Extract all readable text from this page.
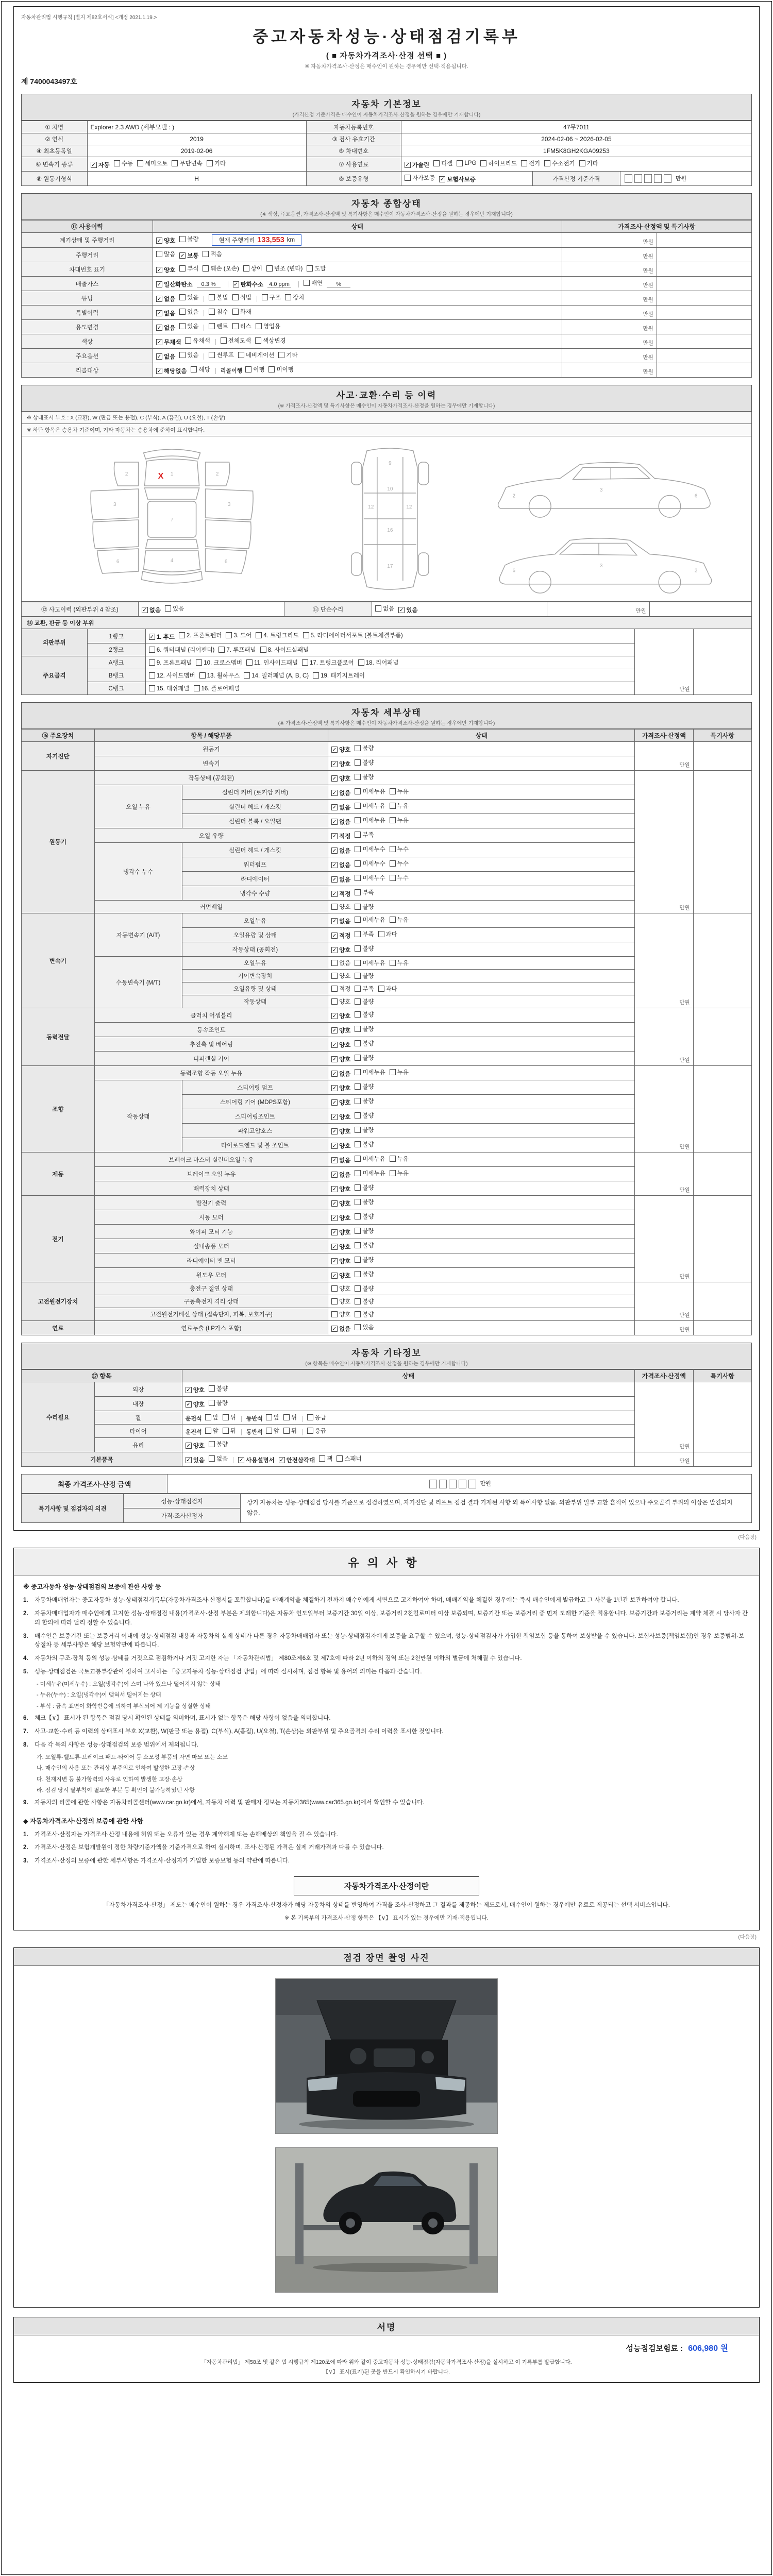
자동차관리법 시행규칙 [별지 제82호서식] <개정 2021.1.19.>
중고자동차성능·상태점검기록부
( ■ 자동차가격조사·산정 선택 ■ )
※ 자동차가격조사·산정은 매수인이 원하는 경우에만 선택·적용됩니다.
제 7400043497호
자동차 기본정보
(가격산정 기준가격은 매수인이 자동차가격조사·산정을 원하는 경우에만 기재합니다)
① 차명	Explorer 2.3 AWD (세부모델 : )	자동차등록번호	47무7011		
② 연식	2019	③ 검사 유효기간	2024-02-06 ~ 2026-02-05		
④ 최초등록일	2019-02-06	⑤ 차대번호	1FM5K8GH2KGA09253		
⑥ 변속기 종류	✓ 자동 수동 세미오토 무단변속 기타	⑦ 사용연료	✓ 가솔린 디젤 LPG 하이브리드 전기 수소전기 기타

⑧ 원동기형식	H	⑨ 보증유형	자가보증 ✓ 보험사보증	가격산정 기준가격	만원
자동차 종합상태
(※ 색상, 주요옵션, 가격조사·산정액 및 특기사항은 매수인이 자동차가격조사·산정을 원하는 경우에만 기재합니다)
⑪ 사용이력	상태	가격조사·산정액 및 특기사항	
계기상태 및 주행거리	✓ 양호 불량	현재 주행거리 133,553 km	만원	
주행거리	많음 ✓ 보통 적음	만원	
차대번호 표기	✓ 양호 부식 훼손 (오손) 상이 변조 (변타) 도말	만원	
배출가스	✓ 일산화탄소 0.3 %	✓ 탄화수소 4.0 ppm	매연 %	만원	
튜닝	✓ 없음 있음	불법 적법	구조 장치	만원	
특별이력	✓ 없음 있음 침수 화재	만원	
용도변경	✓ 없음 있음	렌트 리스 영업용	만원	
색상	✓ 무채색 유채색 전체도색 색상변경	만원	
주요옵션	✓ 없음 있음	썬루프 네비게이션 기타	만원	
리콜대상	✓ 해당없음 해당 리콜이행 이행 미이행	만원	
사고·교환·수리 등 이력
(※ 가격조사·산정액 및 특기사항은 매수인이 자동차가격조사·산정을 원하는 경우에만 기재합니다)
※ 상태표시 부호 : X (교환), W (판금 또는 용접), C (부식), A (흠집), U (요철), T (손상)
※ 하단 항목은 승용차 기준이며, 기타 자동차는 승용차에 준하여 표시합니다.
1
2	2
3	3
4
7
6	6
X
9
10
12	12
16
17
2
3
6
6
3
2
⑫ 사고이력 (외판부위 4 참조)	✓ 없음 있음	⑬ 단순수리	없음 ✓ 있음	만원	
⑭ 교환, 판금 등 이상 부위				
외판부위	1랭크	✓ 1. 후드 2. 프론트펜더 3. 도어 4. 트렁크리드 5. 라디에이터서포트 (볼트체결부품)
	만원	
	2랭크	6. 쿼터패널 (리어펜더) 7. 루프패널 8. 사이드실패널		

주요골격	A랭크	9. 프론트패널 10. 크로스멤버 11. 인사이드패널 17. 트렁크플로어 18. 리어패널		

	B랭크	12. 사이드멤버 13. 휠하우스 14. 필러패널 (A, B, C) 19. 패키지트레이		

	C랭크	15. 대쉬패널 16. 플로어패널		
자동차 세부상태
(※ 가격조사·산정액 및 특기사항은 매수인이 자동차가격조사·산정을 원하는 경우에만 기재합니다)
⑯ 주요장치	항목 / 해당부품		상태	가격조사·산정액	특기사항
자기진단	원동기		✓ 양호 불량	만원	
	변속기		✓ 양호 불량		

원동기	작동상태 (공회전)		✓ 양호 불량	만원	
	오일 누유	실린더 커버 (로커암 커버)	✓ 없음 미세누유 누유		

		실린더 헤드 / 개스킷	✓ 없음 미세누유 누유		

		실린더 블록 / 오일팬	✓ 없음 미세누유 누유		

	오일 유량		✓ 적정 부족		

	냉각수 누수	실린더 헤드 / 개스킷	✓ 없음 미세누수 누수		

		워터펌프	✓ 없음 미세누수 누수		

		라디에이터	✓ 없음 미세누수 누수		

		냉각수 수량	✓ 적정 부족		

	커먼레일		양호 불량		

변속기	자동변속기 (A/T)	오일누유	✓ 없음 미세누유 누유	만원	
		오일유량 및 상태	✓ 적정 부족 과다		

		작동상태 (공회전)	✓ 양호 불량		

	수동변속기 (M/T)	오일누유	없음 미세누유 누유		

		기어변속장치	양호 불량		

		오일유량 및 상태	적정 부족 과다		

		작동상태	양호 불량		

동력전달	클러치 어셈블리		✓ 양호 불량	만원	
	등속조인트		✓ 양호 불량		

	추진축 및 베어링		✓ 양호 불량		

	디퍼렌셜 기어		✓ 양호 불량		

조향	동력조향 작동 오일 누유		✓ 없음 미세누유 누유	만원	
	작동상태	스티어링 펌프	✓ 양호 불량		

		스티어링 기어 (MDPS포함)	✓ 양호 불량		

		스티어링조인트	✓ 양호 불량		

		파워고압호스	✓ 양호 불량		

		타이로드엔드 및 볼 조인트	✓ 양호 불량		

제동	브레이크 마스터 실린더오일 누유		✓ 없음 미세누유 누유	만원	
	브레이크 오일 누유		✓ 없음 미세누유 누유		

	배력장치 상태		✓ 양호 불량		

전기	발전기 출력		✓ 양호 불량	만원	
	시동 모터		✓ 양호 불량		

	와이퍼 모터 기능		✓ 양호 불량		

	실내송풍 모터		✓ 양호 불량		

	라디에이터 팬 모터		✓ 양호 불량		

	윈도우 모터		✓ 양호 불량		

고전원전기장치	충전구 절연 상태		양호 불량	만원	
	구동축전지 격리 상태		양호 불량		

	고전원전기배선 상태 (접속단자, 피복, 보호기구)		양호 불량		

연료	연료누출 (LP가스 포함)		✓ 없음 있음	만원	
자동차 기타정보
(※ 항목은 매수인이 자동차가격조사·산정을 원하는 경우에만 기재합니다)
⑰ 항목		상태	가격조사·산정액	특기사항
수리필요	외장	✓ 양호 불량	만원	
	내장	✓ 양호 불량		

휠	운전석 앞 뒤 동반석 앞 뒤	응급

타이어	운전석 앞 뒤 동반석 앞 뒤	응급

	유리	✓ 양호 불량		

기본품목	✓ 있음 없음 ✓ 사용설명서 ✓ 안전삼각대 잭 스패너	만원	
최종 가격조사·산정 금액	만원
특기사항 및 점검자의 의견	성능·상태점검자	상기 자동차는 성능·상태점검 당시를 기준으로 점검하였으며, 자기진단 및 리프트 점검 결과 기재된 사항 외 특이사항 없음. 외판부위 일부 교환 흔적이 있으나 주요골격 부위의 이상은 발견되지 않음.
가격·조사산정자
(다음장)
유의사항
※ 중고자동차 성능·상태점검의 보증에 관한 사항 등
1.	자동차매매업자는 중고자동차 성능·상태점검기록부(자동차가격조사·산정서를 포함합니다)를 매매계약을 체결하기 전까지 매수인에게 서면으로 고지하여야 하며, 매매계약을 체결한 경우에는 즉시 매수인에게 발급하고 그 사본을 1년간 보관하여야 합니다.
2.	자동차매매업자가 매수인에게 고지한 성능·상태점검 내용(가격조사·산정 부분은 제외합니다)은 자동차 인도일부터 보증기간 30일 이상, 보증거리 2천킬로미터 이상 보증되며, 보증기간 또는 보증거리 중 먼저 도래한 기준을 적용합니다. 보증기간과 보증거리는 계약 체결 시 당사자 간의 합의에 따라 달리 정할 수 있습니다.
3.	매수인은 보증기간 또는 보증거리 이내에 성능·상태점검 내용과 자동차의 실제 상태가 다른 경우 자동차매매업자 또는 성능·상태점검자에게 보증을 요구할 수 있으며, 성능·상태점검자가 가입한 책임보험 등을 통하여 보상받을 수 있습니다. 보험사보증(책임보험)인 경우 보증범위·보상절차 등 세부사항은 해당 보험약관에 따릅니다.
4.	자동차의 구조·장치 등의 성능·상태를 거짓으로 점검하거나 거짓 고지한 자는 「자동차관리법」 제80조제6호 및 제7호에 따라 2년 이하의 징역 또는 2천만원 이하의 벌금에 처해질 수 있습니다.
5.	성능·상태점검은 국토교통부장관이 정하여 고시하는 「중고자동차 성능·상태점검 방법」에 따라 실시하며, 점검 항목 및 용어의 의미는 다음과 같습니다.
- 미세누유(미세누수) : 오일(냉각수)이 스며 나와 있으나 떨어지지 않는 상태
- 누유(누수) : 오일(냉각수)이 맺혀서 떨어지는 상태
- 부식 : 금속 표면이 화학반응에 의하여 부식되어 제 기능을 상실한 상태
6.	체크【∨】 표시가 된 항목은 점검 당시 확인된 상태를 의미하며, 표시가 없는 항목은 해당 사항이 없음을 의미합니다.
7.	사고·교환·수리 등 이력의 상태표시 부호 X(교환), W(판금 또는 용접), C(부식), A(흠집), U(요철), T(손상)는 외판부위 및 주요골격의 수리 이력을 표시한 것입니다.
8.	다음 각 목의 사항은 성능·상태점검의 보증 범위에서 제외됩니다.
가. 오일류·벨트류·브레이크 패드·타이어 등 소모성 부품의 자연 마모 또는 소모
나. 매수인의 사용 또는 관리상 부주의로 인하여 발생한 고장·손상
다. 천재지변 등 불가항력의 사유로 인하여 발생한 고장·손상
라. 점검 당시 탈부착이 필요한 부분 등 확인이 불가능하였던 사항
9.	자동차의 리콜에 관한 사항은 자동차리콜센터(www.car.go.kr)에서, 자동차 이력 및 판매자 정보는 자동차365(www.car365.go.kr)에서 확인할 수 있습니다.
◆ 자동차가격조사·산정의 보증에 관한 사항
1.	가격조사·산정자는 가격조사·산정 내용에 허위 또는 오류가 있는 경우 계약해제 또는 손해배상의 책임을 질 수 있습니다.
2.	가격조사·산정은 보험개발원이 정한 차량기준가액을 기준가격으로 하여 실시하며, 조사·산정된 가격은 실제 거래가격과 다를 수 있습니다.
3.	가격조사·산정의 보증에 관한 세부사항은 가격조사·산정자가 가입한 보증보험 등의 약관에 따릅니다.
자동차가격조사·산정이란
「자동차가격조사·산정」 제도는 매수인이 원하는 경우 가격조사·산정자가 해당 자동차의 상태를 반영하여 가격을 조사·산정하고 그 결과를 제공하는 제도로서, 매수인이 원하는 경우에만 유료로 제공되는 선택 서비스입니다.
※ 본 기록부의 가격조사·산정 항목은 【∨】 표시가 있는 경우에만 기재·적용됩니다.
(다음장)
점검 장면 촬영 사진
서명
성능점검보험료 : 606,980 원
「자동차관리법」 제58조 및 같은 법 시행규칙 제120조에 따라 위와 같이 중고자동차 성능·상태점검(자동차가격조사·산정)을 실시하고 이 기록부를 발급합니다.
【∨】 표시(표기)된 곳을 반드시 확인하시기 바랍니다.
